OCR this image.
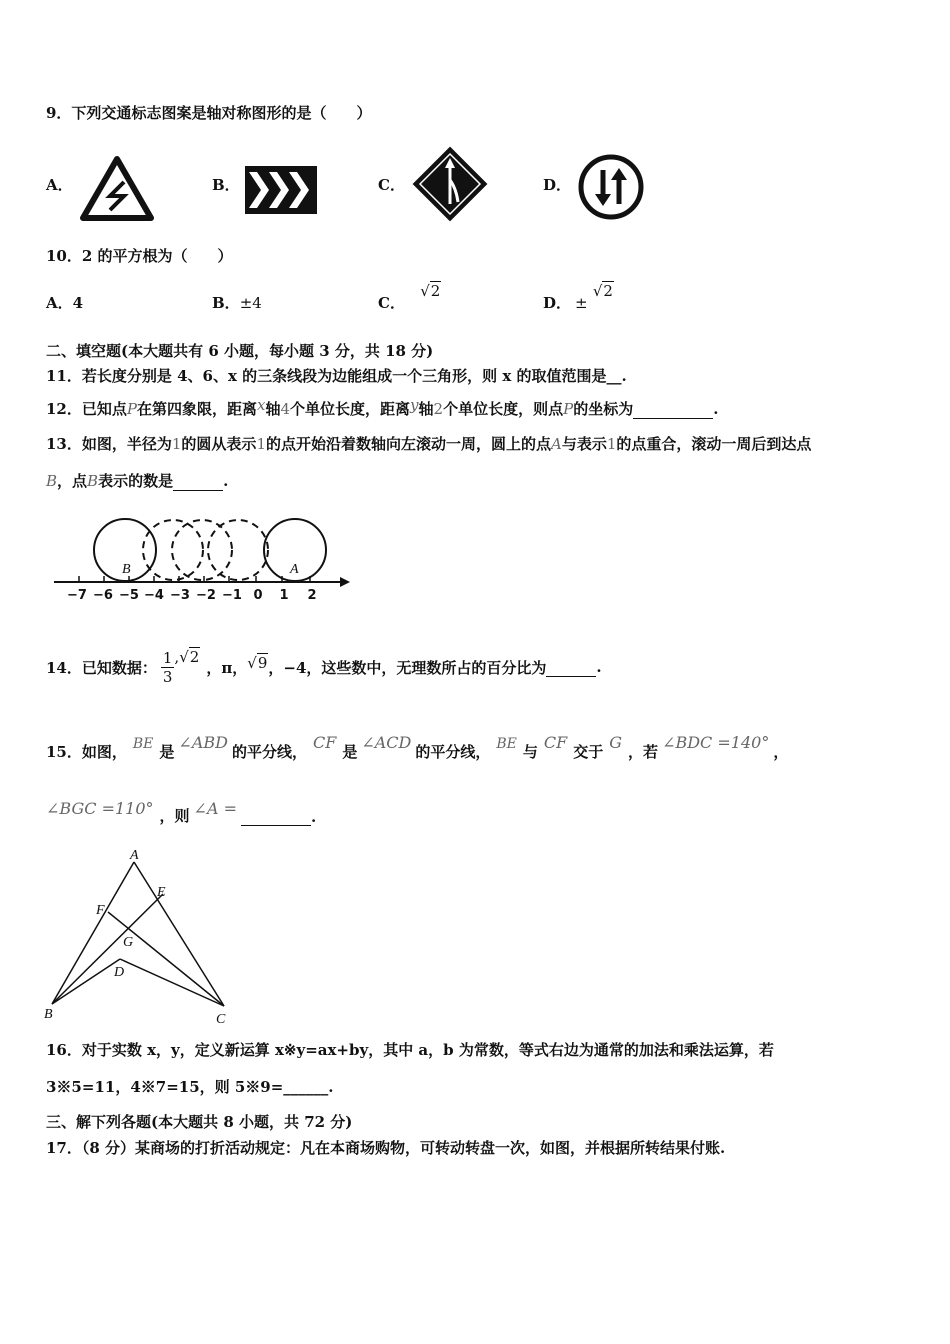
9．下列交通标志图案是轴对称图形的是（　　）
A．	B．	C．	D．
10．2 的平方根为（　　）
A．4	B．±4	C． √2
D． ± √2
二、填空题(本大题共有 6 小题，每小题 3 分，共 18 分)
11．若长度分别是 4、6、x 的三条线段为边能组成一个三角形，则 x 的取值范围是__.
12．已知点P在第四象限，距离x轴4个单位长度，距离y轴2个单位长度，则点P的坐标为	.
13．如图，半径为1的圆从表示1的点开始沿着数轴向左滚动一周，圆上的点A与表示1的点重合，滚动一周后到达点
B，点B表示的数是	.
−7 −6 −5 −4 −3 −2 −1 0 1 2
B	A
14．已知数据： $\frac{1}{3}$ , √2
，π， √9 ，−4，这些数中，无理数所占的百分比为
	.
15．如图， BE 是 ∠ABD 的平分线， CF 是 ∠ACD 的平分线， BE 与 CF 交于 G ，若 ∠BDC =140° ，
∠BGC =110° ，则 ∠A =
	.
A
E
F
G
D
B	C
16．对于实数 x，y，定义新运算 x※y=ax+by，其中 a，b 为常数，等式右边为通常的加法和乘法运算，若
3※5=11，4※7=15，则 5※9=______.
三、解下列各题(本大题共 8 小题，共 72 分)
17．（8 分）某商场的打折活动规定：凡在本商场购物，可转动转盘一次，如图，并根据所转结果付账.
